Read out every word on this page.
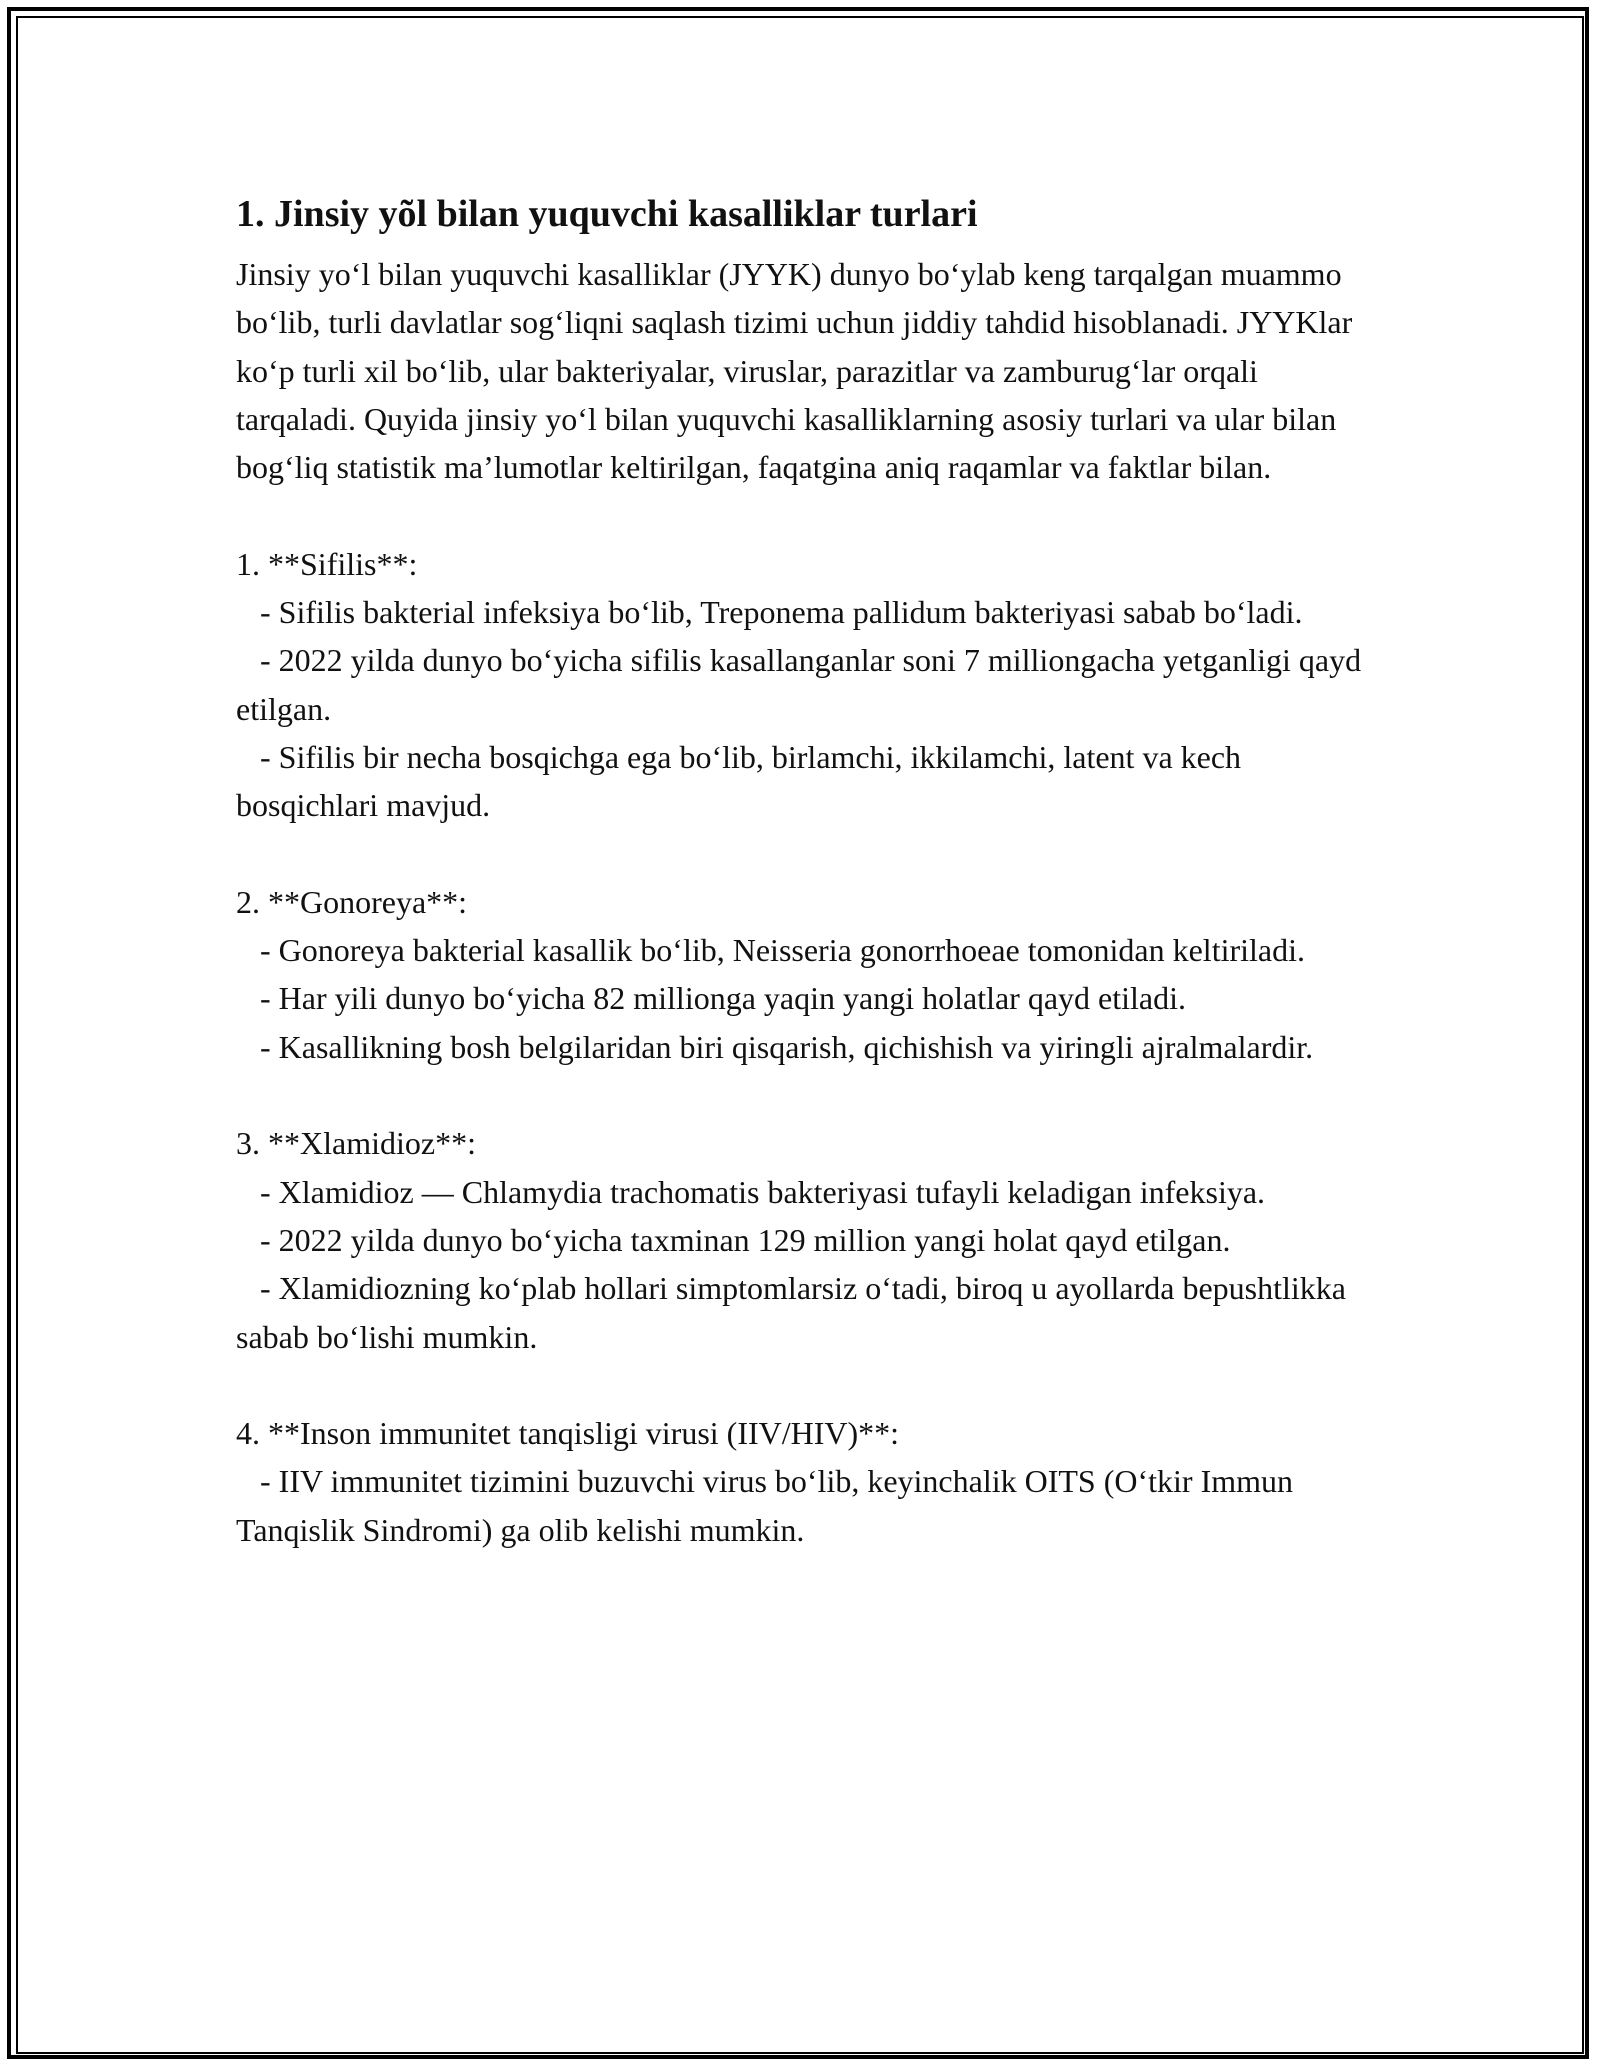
1. Jinsiy yõl bilan yuquvchi kasalliklar turlari

Jinsiy yo‘l bilan yuquvchi kasalliklar (JYYK) dunyo bo‘ylab keng tarqalgan muammo bo‘lib, turli davlatlar sog‘liqni saqlash tizimi uchun jiddiy tahdid hisoblanadi. JYYKlar ko‘p turli xil bo‘lib, ular bakteriyalar, viruslar, parazitlar va zamburug‘lar orqali tarqaladi. Quyida jinsiy yo‘l bilan yuquvchi kasalliklarning asosiy turlari va ular bilan bog‘liq statistik ma’lumotlar keltirilgan, faqatgina aniq raqamlar va faktlar bilan.

1. **Sifilis**:
- Sifilis bakterial infeksiya bo‘lib, Treponema pallidum bakteriyasi sabab bo‘ladi.
- 2022 yilda dunyo bo‘yicha sifilis kasallanganlar soni 7 milliongacha yetganligi qayd etilgan.
- Sifilis bir necha bosqichga ega bo‘lib, birlamchi, ikkilamchi, latent va kech bosqichlari mavjud.
2. **Gonoreya**:
- Gonoreya bakterial kasallik bo‘lib, Neisseria gonorrhoeae tomonidan keltiriladi.
- Har yili dunyo bo‘yicha 82 millionga yaqin yangi holatlar qayd etiladi.
- Kasallikning bosh belgilaridan biri qisqarish, qichishish va yiringli ajralmalardir.
3. **Xlamidioz**:
- Xlamidioz — Chlamydia trachomatis bakteriyasi tufayli keladigan infeksiya.
- 2022 yilda dunyo bo‘yicha taxminan 129 million yangi holat qayd etilgan.
- Xlamidiozning ko‘plab hollari simptomlarsiz o‘tadi, biroq u ayollarda bepushtlikka sabab bo‘lishi mumkin.
4. **Inson immunitet tanqisligi virusi (IIV/HIV)**:
- IIV immunitet tizimini buzuvchi virus bo‘lib, keyinchalik OITS (O‘tkir Immun Tanqislik Sindromi) ga olib kelishi mumkin.
